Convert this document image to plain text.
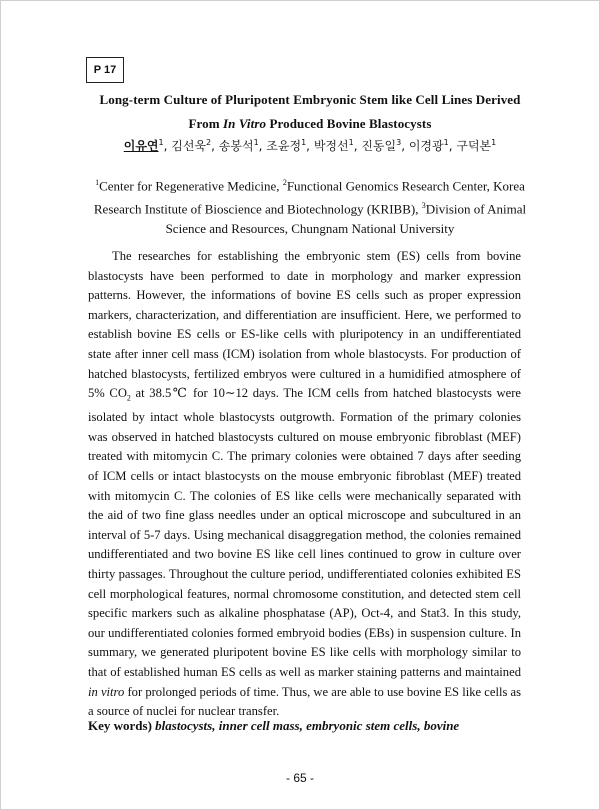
P 17
Long-term Culture of Pluripotent Embryonic Stem like Cell Lines Derived
From In Vitro Produced Bovine Blastocysts
이유연$^1$, 김선욱$^2$, 송봉석$^1$, 조윤정$^1$, 박정선$^1$, 진동일$^3$, 이경광$^1$, 구덕본$^1$
$^1$Center for Regenerative Medicine, $^2$Functional Genomics Research Center, Korea Research Institute of Bioscience and Biotechnology (KRIBB), $^3$Division of Animal Science and Resources, Chungnam National University

The researches for establishing the embryonic stem (ES) cells from bovine blastocysts have been performed to date in morphology and marker expression patterns. However, the informations of bovine ES cells such as proper expression markers, characterization, and differentiation are insufficient. Here, we performed to establish bovine ES cells or ES-like cells with pluripotency in an undifferentiated state after inner cell mass (ICM) isolation from whole blastocysts. For production of hatched blastocysts, fertilized embryos were cultured in a humidified atmosphere of 5% $CO_2$ at 38.5℃ for 10∼12 days. The ICM cells from hatched blastocysts were isolated by intact whole blastocysts outgrowth. Formation of the primary colonies was observed in hatched blastocysts cultured on mouse embryonic fibroblast (MEF) treated with mitomycin C. The primary colonies were obtained 7 days after seeding of ICM cells or intact blastocysts on the mouse embryonic fibroblast (MEF) treated with mitomycin C. The colonies of ES like cells were mechanically separated with the aid of two fine glass needles under an optical microscope and subcultured in an interval of 5-7 days. Using mechanical disaggregation method, the colonies remained undifferentiated and two bovine ES like cell lines continued to grow in culture over thirty passages. Throughout the culture period, undifferentiated colonies exhibited ES cell morphological features, normal chromosome constitution, and detected stem cell specific markers such as alkaline phosphatase (AP), Oct-4, and Stat3. In this study, our undifferentiated colonies formed embryoid bodies (EBs) in suspension culture. In summary, we generated pluripotent bovine ES like cells with morphology similar to that of established human ES cells as well as marker staining patterns and maintained in vitro for prolonged periods of time. Thus, we are able to use bovine ES like cells as a source of nuclei for nuclear transfer.

Key words) blastocysts, inner cell mass, embryonic stem cells, bovine
- 65 -
